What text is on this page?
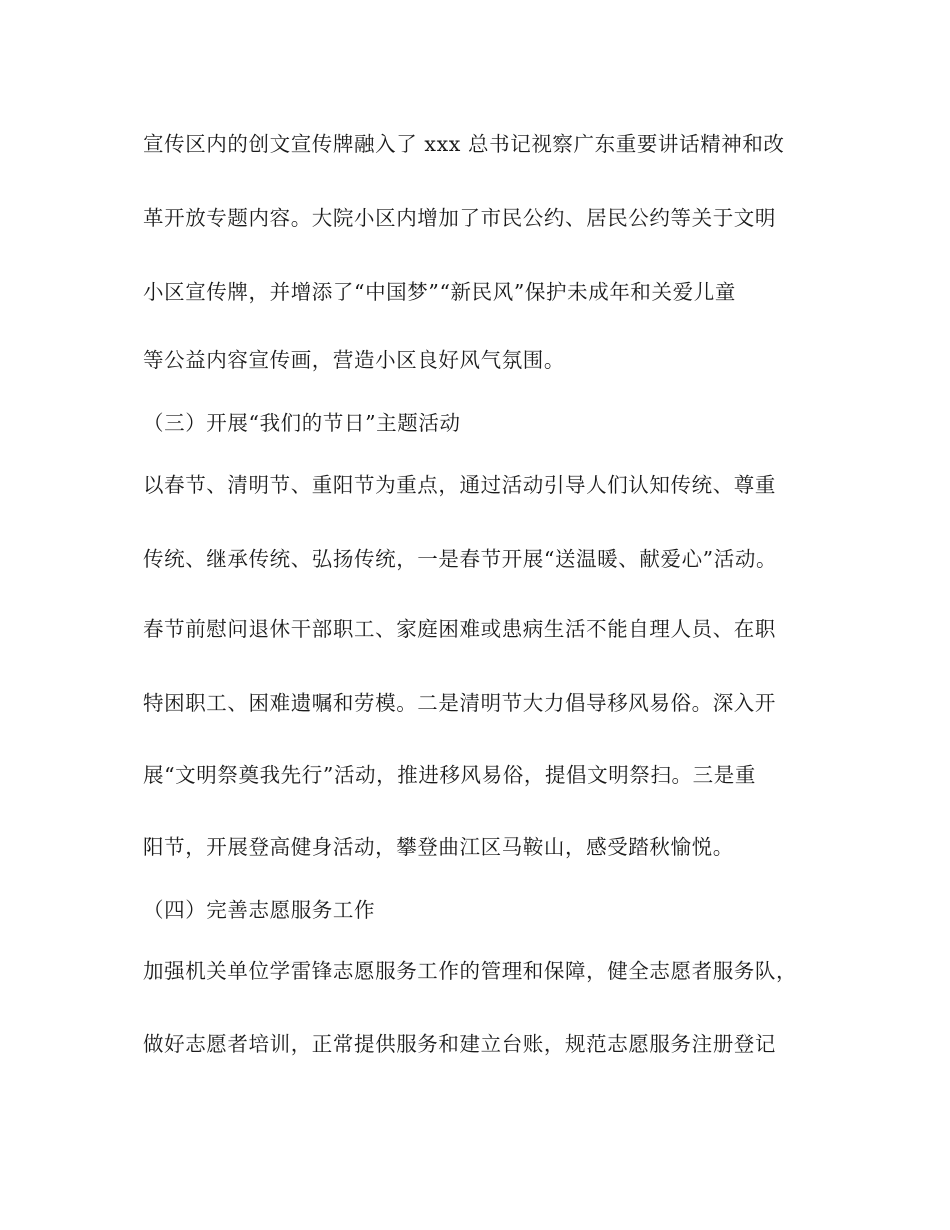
宣传区内的创文宣传牌融入了 xxx 总书记视察广东重要讲话精神和改
革开放专题内容。大院小区内增加了市民公约、居民公约等关于文明
小区宣传牌，并增添了“中国梦”“新民风”保护未成年和关爱儿童
等公益内容宣传画，营造小区良好风气氛围。
（三）开展“我们的节日”主题活动
以春节、清明节、重阳节为重点，通过活动引导人们认知传统、尊重
传统、继承传统、弘扬传统，一是春节开展“送温暖、献爱心”活动。
春节前慰问退休干部职工、家庭困难或患病生活不能自理人员、在职
特困职工、困难遗嘱和劳模。二是清明节大力倡导移风易俗。深入开
展“文明祭奠我先行”活动，推进移风易俗，提倡文明祭扫。三是重
阳节，开展登高健身活动，攀登曲江区马鞍山，感受踏秋愉悦。
（四）完善志愿服务工作
加强机关单位学雷锋志愿服务工作的管理和保障，健全志愿者服务队，
做好志愿者培训，正常提供服务和建立台账，规范志愿服务注册登记
